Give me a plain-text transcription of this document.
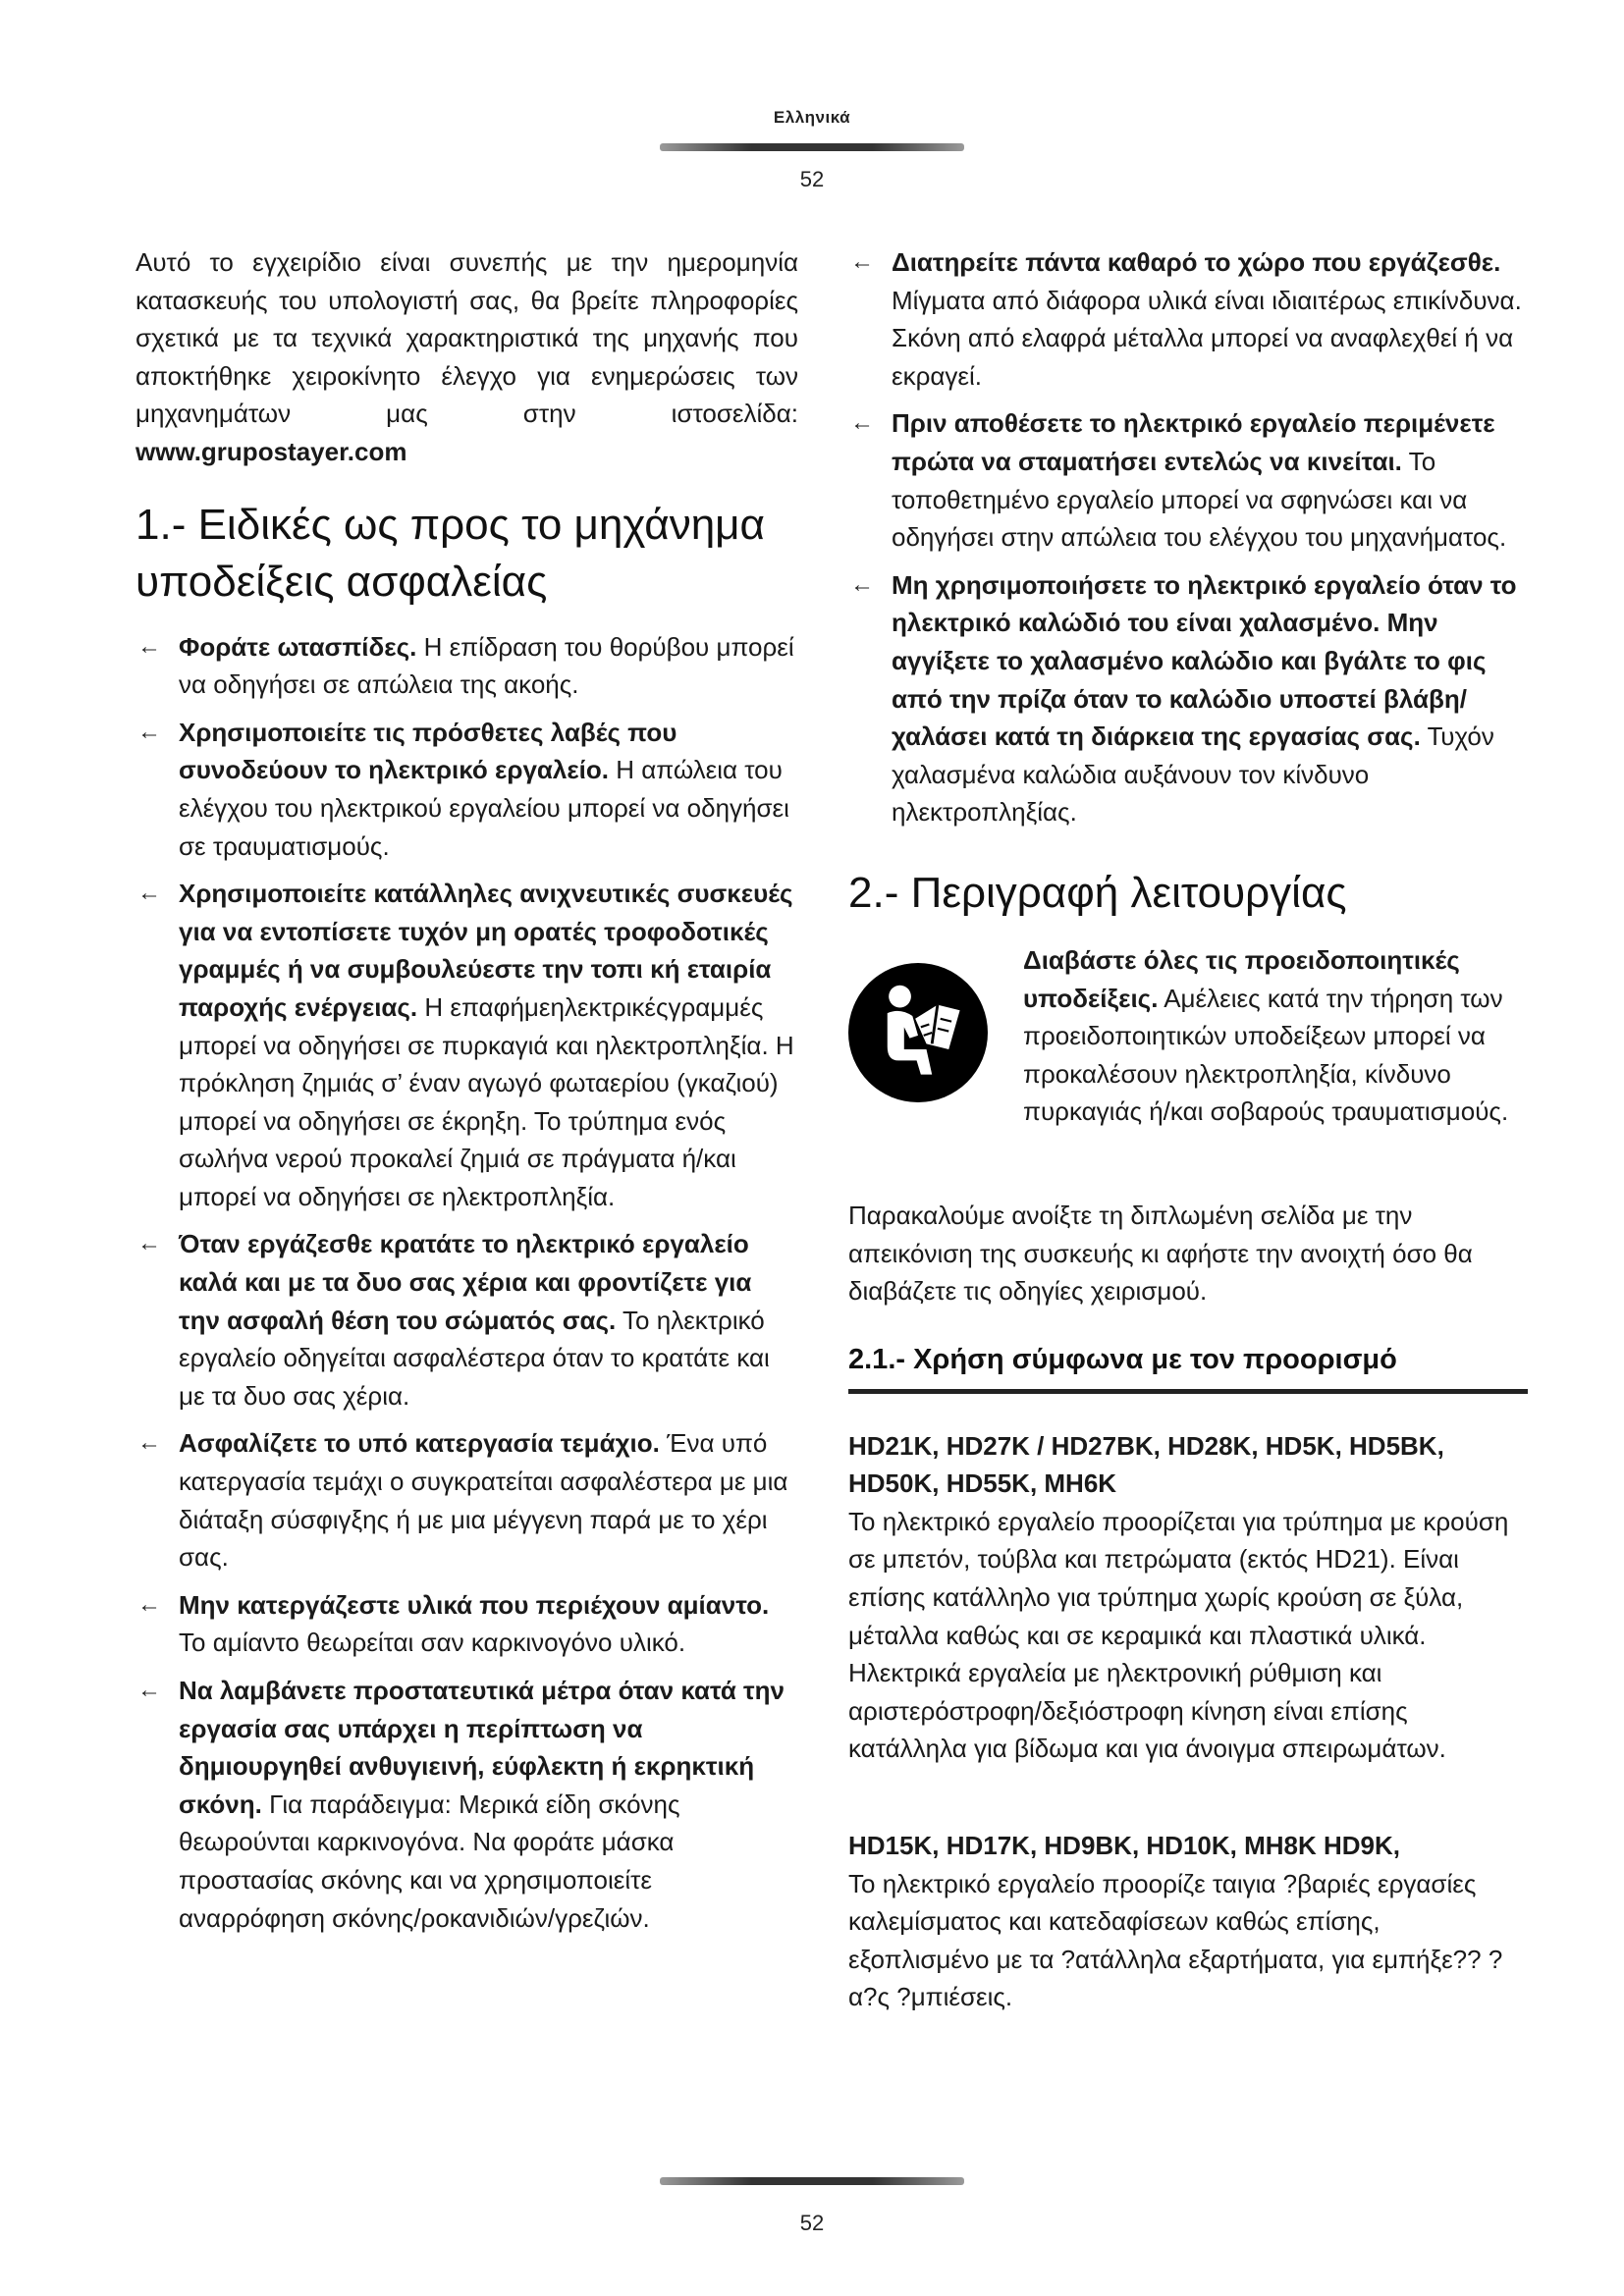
Ελληνικά
52

Αυτό το εγχειρίδιο είναι συνεπής με την ημερομηνία κατασκευής του υπολογιστή σας, θα βρείτε πληροφορίες σχετικά με τα τεχνικά χαρακτηριστικά της μηχανής που αποκτήθηκε χειροκίνητο έλεγχο για ενημερώσεις των μηχανημάτων μας στην ιστοσελίδα: www.grupostayer.com

1.- Ειδικές ως προς το μηχάνημα υποδείξεις ασφαλείας
← Φοράτε ωτασπίδες. Η επίδραση του θορύβου μπορεί να οδηγήσει σε απώλεια της ακοής.
← Χρησιμοποιείτε τις πρόσθετες λαβές που συνοδεύουν το ηλεκτρικό εργαλείο. Η απώλεια του ελέγχου του ηλεκτρικού εργαλείου μπορεί να οδηγήσει σε τραυματισμούς.
← Χρησιμοποιείτε κατάλληλες ανιχνευτικές συσκευές για να εντοπίσετε τυχόν μη ορατές τροφοδοτικές γραμμές ή να συμβουλεύεστε την τοπι κή εταιρία παροχής ενέργειας. Η επαφήμεηλεκτρικέςγραμμές μπορεί να οδηγήσει σε πυρκαγιά και ηλεκτροπληξία. Η πρόκληση ζημιάς σ’ έναν αγωγό φωταερίου (γκαζιού) μπορεί να οδηγήσει σε έκρηξη. Το τρύπημα ενός σωλήνα νερού προκαλεί ζημιά σε πράγματα ή/και μπορεί να οδηγήσει σε ηλεκτροπληξία.
← Όταν εργάζεσθε κρατάτε το ηλεκτρικό εργαλείο καλά και με τα δυο σας χέρια και φροντίζετε για την ασφαλή θέση του σώματός σας. Το ηλεκτρικό εργαλείο οδηγείται ασφαλέστερα όταν το κρατάτε και με τα δυο σας χέρια.
← Ασφαλίζετε το υπό κατεργασία τεμάχιο. Ένα υπό κατεργασία τεμάχι ο συγκρατείται ασφαλέστερα με μια διάταξη σύσφιγξης ή με μια μέγγενη παρά με το χέρι σας.
← Μην κατεργάζεστε υλικά που περιέχουν αμίαντο. Το αμίαντο θεωρείται σαν καρκινογόνο υλικό.
← Να λαμβάνετε προστατευτικά μέτρα όταν κατά την εργασία σας υπάρχει η περίπτωση να δημιουργηθεί ανθυγιεινή, εύφλεκτη ή εκρηκτική σκόνη. Για παράδειγμα: Μερικά είδη σκόνης θεωρούνται καρκινογόνα. Να φοράτε μάσκα προστασίας σκόνης και να χρησιμοποιείτε αναρρόφηση σκόνης/ροκανιδιών/γρεζιών.
← Διατηρείτε πάντα καθαρό το χώρο που εργάζεσθε. Μίγματα από διάφορα υλικά είναι ιδιαιτέρως επικίνδυνα. Σκόνη από ελαφρά μέταλλα μπορεί να αναφλεχθεί ή να εκραγεί.
← Πριν αποθέσετε το ηλεκτρικό εργαλείο περιμένετε πρώτα να σταματήσει εντελώς να κινείται. Το τοποθετημένο εργαλείο μπορεί να σφηνώσει και να οδηγήσει στην απώλεια του ελέγχου του μηχανήματος.
← Μη χρησιμοποιήσετε το ηλεκτρικό εργαλείο όταν το ηλεκτρικό καλώδιό του είναι χαλασμένο. Μην αγγίξετε το χαλασμένο καλώδιο και βγάλτε το φις από την πρίζα όταν το καλώδιο υποστεί βλάβη/χαλάσει κατά τη διάρκεια της εργασίας σας. Τυχόν χαλασμένα καλώδια αυξάνουν τον κίνδυνο ηλεκτροπληξίας.
2.- Περιγραφή λειτουργίας

Διαβάστε όλες τις προειδοποιητικές υποδείξεις. Αμέλειες κατά την τήρηση των προειδοποιητικών υποδείξεων μπορεί να προκαλέσουν ηλεκτροπληξία, κίνδυνο πυρκαγιάς ή/και σοβαρούς τραυματισμούς.

Παρακαλούμε ανοίξτε τη διπλωμένη σελίδα με την απεικόνιση της συσκευής κι αφήστε την ανοιχτή όσο θα διαβάζετε τις οδηγίες χειρισμού.

2.1.- Χρήση σύμφωνα με τον προορισμό

HD21K, HD27K / HD27BK, HD28K, HD5K, HD5BK, HD50K, HD55K, MH6K

Το ηλεκτρικό εργαλείο προορίζεται για τρύπημα με κρούση σε μπετόν, τούβλα και πετρώματα (εκτός HD21). Είναι επίσης κατάλληλο για τρύπημα χωρίς κρούση σε ξύλα, μέταλλα καθώς και σε κεραμικά και πλαστικά υλικά. Ηλεκτρικά εργαλεία με ηλεκτρονική ρύθμιση και αριστερόστροφη/δεξιόστροφη κίνηση είναι επίσης κατάλληλα για βίδωμα και για άνοιγμα σπειρωμάτων.

HD15K, HD17K, HD9BK, HD10K, MH8K HD9K,

Το ηλεκτρικό εργαλείο προορίζε ταιγια ?βαριές εργασίες καλεμίσματος και κατεδαφίσεων καθώς επίσης, εξοπλισμένο με τα ?ατάλληλα εξαρτήματα, για εμπήξε?? ?α?ς ?μπιέσεις.

52
